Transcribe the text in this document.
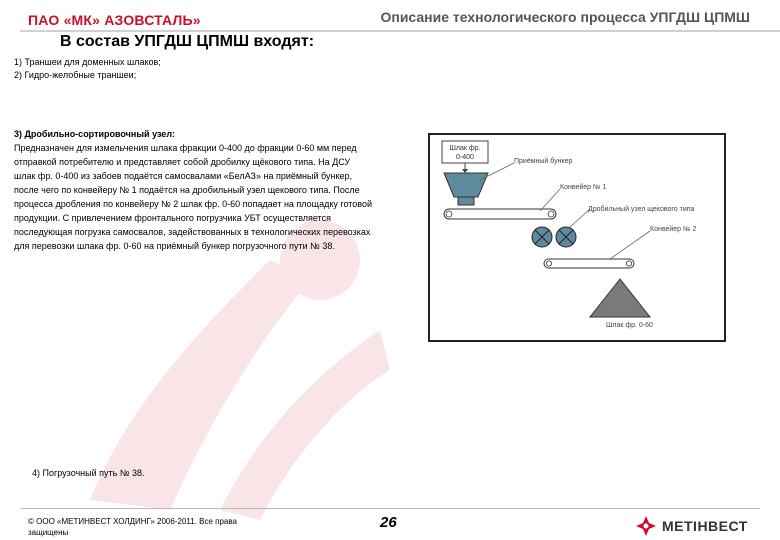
ПАО «МК» АЗОВСТАЛЬ»	Описание технологического процесса УПГДШ ЦПМШ
В состав УПГДШ ЦПМШ входят:
1) Траншеи для доменных шлаков;
2) Гидро-желобные траншеи;
3) Дробильно-сортировочный узел:
Предназначен для измельчения шлака фракции 0-400 до фракции 0-60 мм перед отправкой потребителю и представляет собой дробилку щёкового типа. На ДСУ шлак фр. 0-400 из забоев подаётся самосвалами «БелАЗ» на приёмный бункер, после чего по конвейеру № 1 подаётся на дробильный узел щекового типа. После процесса дробления по конвейеру № 2 шлак фр. 0-60 попадает на площадку готовой продукции. С привлечением фронтального погрузчика УБТ осуществляется последующая погрузка самосвалов, задействованных в технологических перевозках для перевозки шлака фр. 0-60 на приёмный бункер погрузочного пути № 38.
Шлак фр.
0-400
Приёмный бункер
Конвейер № 1
Дробильный узел щекового типа
Конвейер № 2
Шлак фр. 0-60
4) Погрузочный путь № 38.
© ООО «МЕТИНВЕСТ ХОЛДИНГ» 2006-2011. Все права защищены
26	МЕТІНВЕСТ
